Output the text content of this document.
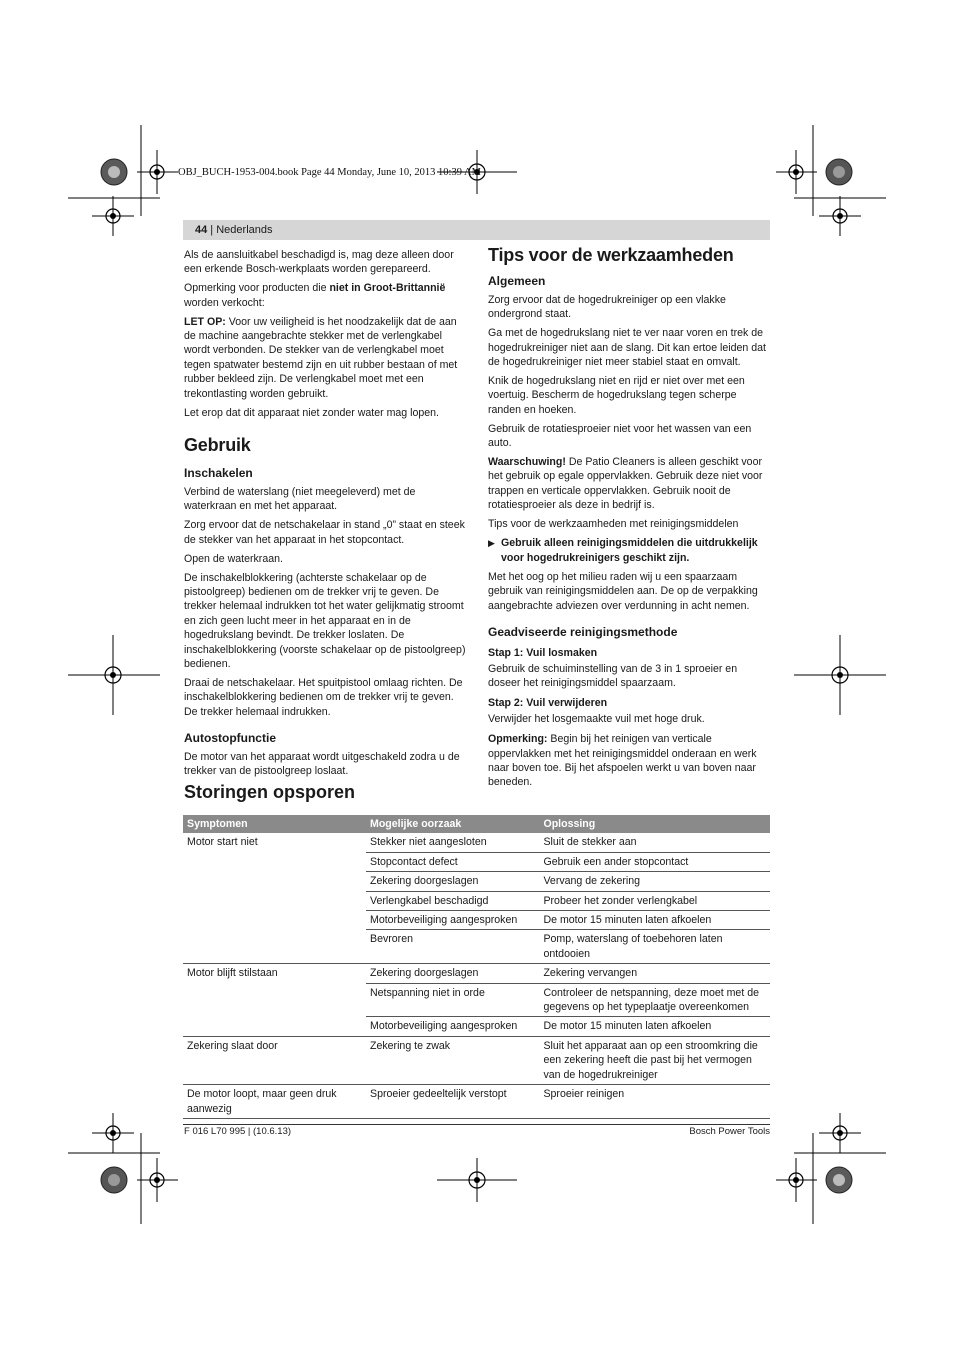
OBJ_BUCH-1953-004.book Page 44 Monday, June 10, 2013 10:39 AM
44 | Nederlands

Als de aansluitkabel beschadigd is, mag deze alleen door een erkende Bosch-werkplaats worden gerepareerd.

Opmerking voor producten die niet in Groot-Brittannië worden verkocht:

LET OP: Voor uw veiligheid is het noodzakelijk dat de aan de machine aangebrachte stekker met de verlengkabel wordt verbonden. De stekker van de verlengkabel moet tegen spatwater bestemd zijn en uit rubber bestaan of met rubber bekleed zijn. De verlengkabel moet met een trekontlasting worden gebruikt.

Let erop dat dit apparaat niet zonder water mag lopen.

Gebruik
Inschakelen

Verbind de waterslang (niet meegeleverd) met de waterkraan en met het apparaat.

Zorg ervoor dat de netschakelaar in stand „0” staat en steek de stekker van het apparaat in het stopcontact.

Open de waterkraan.

De inschakelblokkering (achterste schakelaar op de pistoolgreep) bedienen om de trekker vrij te geven. De trekker helemaal indrukken tot het water gelijkmatig stroomt en zich geen lucht meer in het apparaat en in de hogedrukslang bevindt. De trekker loslaten. De inschakelblokkering (voorste schakelaar op de pistoolgreep) bedienen.

Draai de netschakelaar. Het spuitpistool omlaag richten. De inschakelblokkering bedienen om de trekker vrij te geven. De trekker helemaal indrukken.

Autostopfunctie

De motor van het apparaat wordt uitgeschakeld zodra u de trekker van de pistoolgreep loslaat.

Tips voor de werkzaamheden
Algemeen

Zorg ervoor dat de hogedrukreiniger op een vlakke ondergrond staat.

Ga met de hogedrukslang niet te ver naar voren en trek de hogedrukreiniger niet aan de slang. Dit kan ertoe leiden dat de hogedrukreiniger niet meer stabiel staat en omvalt.

Knik de hogedrukslang niet en rijd er niet over met een voertuig. Bescherm de hogedrukslang tegen scherpe randen en hoeken.

Gebruik de rotatiesproeier niet voor het wassen van een auto.

Waarschuwing! De Patio Cleaners is alleen geschikt voor het gebruik op egale oppervlakken. Gebruik deze niet voor trappen en verticale oppervlakken. Gebruik nooit de rotatiesproeier als deze in bedrijf is.

Tips voor de werkzaamheden met reinigingsmiddelen

▶ Gebruik alleen reinigingsmiddelen die uitdrukkelijk voor hogedrukreinigers geschikt zijn.

Met het oog op het milieu raden wij u een spaarzaam gebruik van reinigingsmiddelen aan. De op de verpakking aangebrachte adviezen over verdunning in acht nemen.

Geadviseerde reinigingsmethode
Stap 1: Vuil losmaken

Gebruik de schuiminstelling van de 3 in 1 sproeier en doseer het reinigingsmiddel spaarzaam.

Stap 2: Vuil verwijderen

Verwijder het losgemaakte vuil met hoge druk.

Opmerking: Begin bij het reinigen van verticale oppervlakken met het reinigingsmiddel onderaan en werk naar boven toe. Bij het afspoelen werkt u van boven naar beneden.

Storingen opsporen
Symptomen	Mogelijke oorzaak	Oplossing
Motor start niet	Stekker niet aangesloten	Sluit de stekker aan
	Stopcontact defect	Gebruik een ander stopcontact
	Zekering doorgeslagen	Vervang de zekering
	Verlengkabel beschadigd	Probeer het zonder verlengkabel
	Motorbeveiliging aangesproken	De motor 15 minuten laten afkoelen
	Bevroren	Pomp, waterslang of toebehoren laten ontdooien
Motor blijft stilstaan	Zekering doorgeslagen	Zekering vervangen
	Netspanning niet in orde	Controleer de netspanning, deze moet met de gegevens op het typeplaatje overeenkomen
	Motorbeveiliging aangesproken	De motor 15 minuten laten afkoelen
Zekering slaat door	Zekering te zwak	Sluit het apparaat aan op een stroomkring die een zekering heeft die past bij het vermogen van de hogedrukreiniger
De motor loopt, maar geen druk aanwezig	Sproeier gedeeltelijk verstopt	Sproeier reinigen
F 016 L70 995 | (10.6.13)	Bosch Power Tools
